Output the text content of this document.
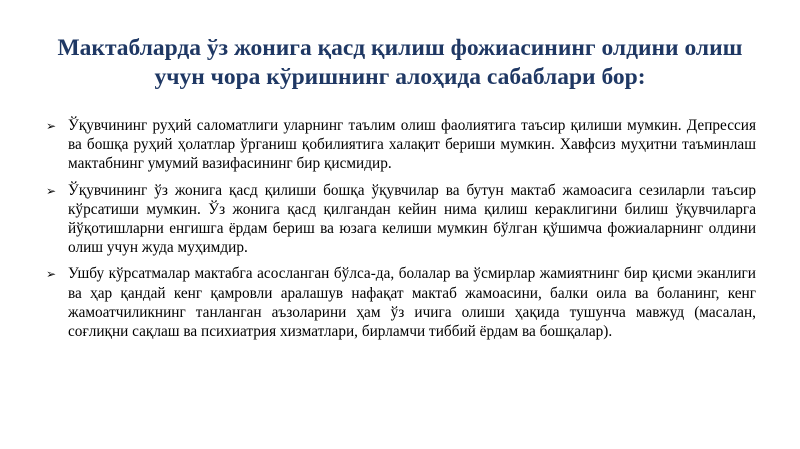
Мактабларда ўз жонига қасд қилиш фожиасининг олдини олиш
учун чора кўришнинг алоҳида сабаблари бор:
➢ Ўқувчининг руҳий саломатлиги уларнинг таълим олиш фаолиятига таъсир қилиши мумкин. Депрессия ва бошқа руҳий ҳолатлар ўрганиш қобилиятига халақит бериши мумкин. Хавфсиз муҳитни таъминлаш мактабнинг умумий вазифасининг бир қисмидир.
➢ Ўқувчининг ўз жонига қасд қилиши бошқа ўқувчилар ва бутун мактаб жамоасига сезиларли таъсир кўрсатиши мумкин. Ўз жонига қасд қилгандан кейин нима қилиш кераклигини билиш ўқувчиларга йўқотишларни енгишга ёрдам бериш ва юзага келиши мумкин бўлган қўшимча фожиаларнинг олдини олиш учун жуда муҳимдир.
➢ Ушбу кўрсатмалар мактабга асосланган бўлса-да, болалар ва ўсмирлар жамиятнинг бир қисми эканлиги ва ҳар қандай кенг қамровли аралашув нафақат мактаб жамоасини, балки оила ва боланинг, кенг жамоатчиликнинг танланган аъзоларини ҳам ўз ичига олиши ҳақида тушунча мавжуд (масалан, соғлиқни сақлаш ва психиатрия хизматлари, бирламчи тиббий ёрдам ва бошқалар).
